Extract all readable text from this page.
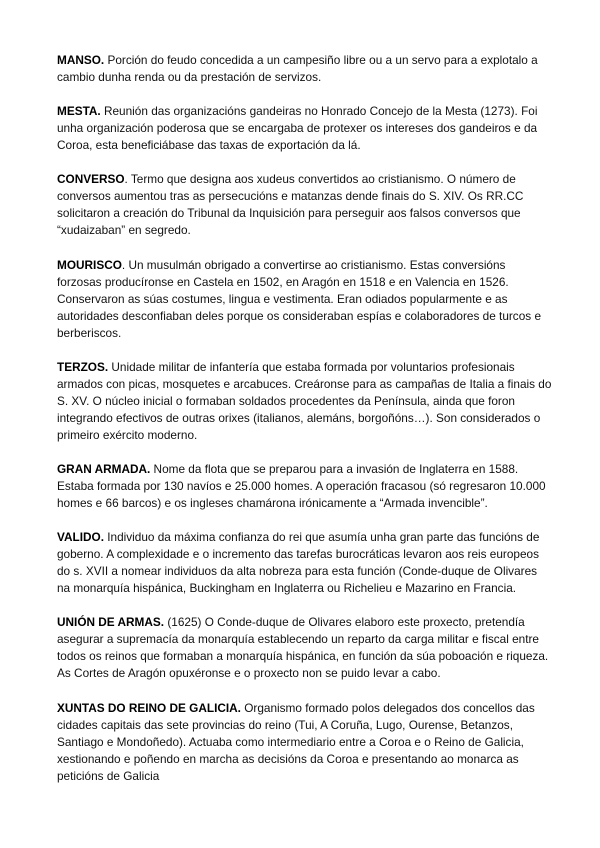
MANSO. Porción do feudo concedida a un campesiño libre ou a un servo para a explotalo a cambio dunha renda ou da prestación de servizos.

MESTA. Reunión das organizacións gandeiras no Honrado Concejo de la Mesta (1273). Foi unha organización poderosa que se encargaba de protexer os intereses dos gandeiros e da Coroa, esta beneficiábase das taxas de exportación da lá.

CONVERSO. Termo que designa aos xudeus convertidos ao cristianismo. O número de conversos aumentou tras as persecucións e matanzas dende finais do S. XIV. Os RR.CC solicitaron a creación do Tribunal da Inquisición para perseguir aos falsos conversos que “xudaizaban” en segredo.

MOURISCO. Un musulmán obrigado a convertirse ao cristianismo. Estas conversións forzosas producíronse en Castela en 1502, en Aragón en 1518 e en Valencia en 1526. Conservaron as súas costumes, lingua e vestimenta. Eran odiados popularmente e as autoridades desconfiaban deles porque os consideraban espías e colaboradores de turcos e berberiscos.

TERZOS. Unidade militar de infantería que estaba formada por voluntarios profesionais armados con picas, mosquetes e arcabuces. Creáronse para as campañas de Italia a finais do S. XV. O núcleo inicial o formaban soldados procedentes da Península, ainda que foron integrando efectivos de outras orixes (italianos, alemáns, borgoñóns…). Son considerados o primeiro exército moderno.

GRAN ARMADA. Nome da flota que se preparou para a invasión de Inglaterra en 1588. Estaba formada por 130 navíos e 25.000 homes. A operación fracasou (só regresaron 10.000 homes e 66 barcos) e os ingleses chamárona irónicamente a “Armada invencible”.

VALIDO. Individuo da máxima confianza do rei que asumía unha gran parte das funcións de goberno. A complexidade e o incremento das tarefas burocráticas levaron aos reis europeos do s. XVII a nomear individuos da alta nobreza para esta función (Conde-duque de Olivares na monarquía hispánica, Buckingham en Inglaterra ou Richelieu e Mazarino en Francia.

UNIÓN DE ARMAS. (1625) O Conde-duque de Olivares elaboro este proxecto, pretendía asegurar a supremacía da monarquía establecendo un reparto da carga militar e fiscal entre todos os reinos que formaban a monarquía hispánica, en función da súa poboación e riqueza. As Cortes de Aragón opuxéronse e o proxecto non se puido levar a cabo.

XUNTAS DO REINO DE GALICIA. Organismo formado polos delegados dos concellos das cidades capitais das sete provincias do reino (Tui, A Coruña, Lugo, Ourense, Betanzos, Santiago e Mondoñedo). Actuaba como intermediario entre a Coroa e o Reino de Galicia, xestionando e poñendo en marcha as decisións da Coroa e presentando ao monarca as peticións de Galicia
